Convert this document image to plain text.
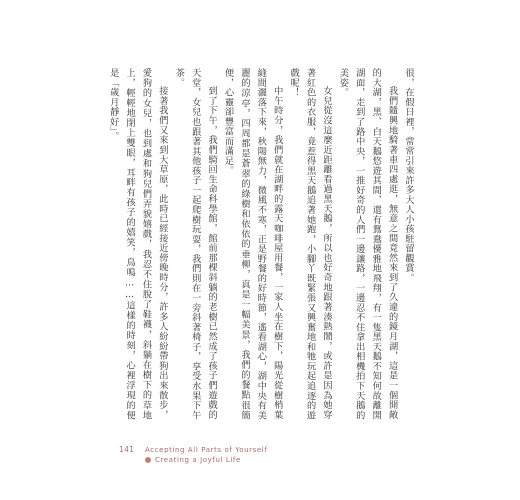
很，在假日裡，常常引來許多大人小孩駐留觀賞。

我們隨興地騎著車四處逛，無意之間竟然來到了久違的鏡月湖，這是一個開敞的大湖，黑、白天鵝悠遊其間，還有鴛鴦優雅地飛翔，有一隻黑天鵝不知何故離開湖面，走到了路中央，一推好奇的人們一邊讓路，一邊忍不住拿出相機拍下天鵝的美姿。

女兒從沒這麼近距離看過黑天鵝，所以也好奇地跟著湊熱鬧，或許是因為她穿著紅色的衣服，竟惹得黑天鵝追著她跑，小腳丫既緊張又興奮地和牠玩起追逐的遊戲呢！

中午時分，我們就在湖畔的露天咖啡屋用餐，一家人坐在樹下，陽光從樹梢葉縫間灑落下來，秋陽無力，微風不寒，正是野餐的好時節，遙看湖心，湖中央有美麗的涼亭，四周都是蒼翠的綠樹和依依的垂柳，真是一幅美景，我們的餐點很簡便，心靈卻豐富而滿足。

到了下午，我們騎回生命科學館，館前那棵斜躺的老樹已然成了孩子們遊戲的天堂，女兒也跟著其他孩子一起爬樹玩耍，我們則在一旁斜著椅子，享受水果下午茶。

接著我們又來到大草原，此時已經接近傍晚時分，許多人紛紛帶狗出來散步，愛狗的女兒，也到處和狗兒們弄貌嬉戲，我忍不住脫了鞋襪，斜躺在樹下的草地上，輕輕地閉上雙眼，耳畔有孩子的嬉笑，鳥鳴……這樣的時刻，心裡浮現的便是「歲月靜好」。

141 Accepting All Parts of Yourself
Creating a Joyful Life
